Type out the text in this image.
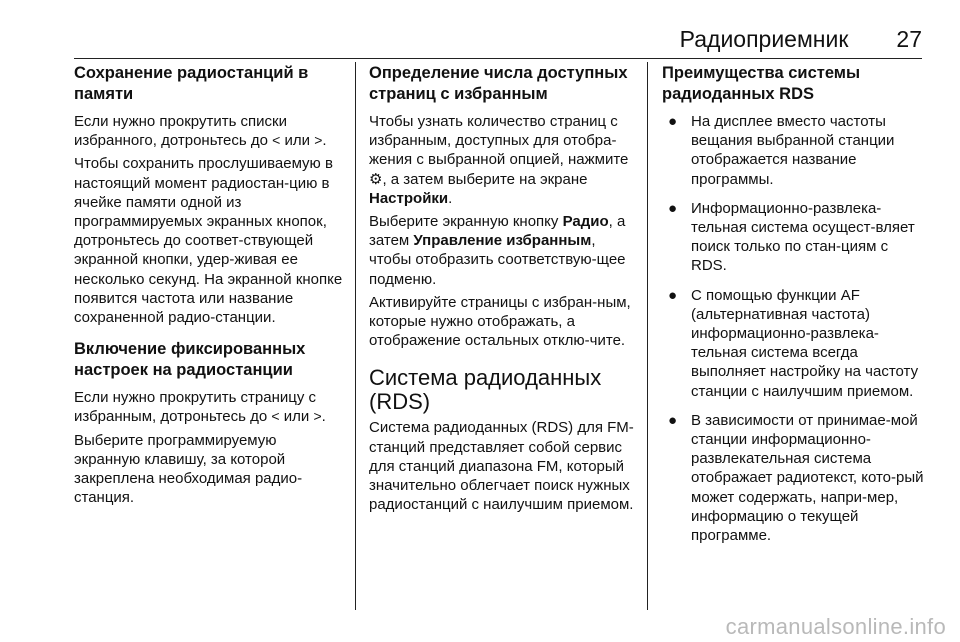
Радиоприемник 27
Сохранение радиостанций в памяти

Если нужно прокрутить списки избранного, дотроньтесь до < или >.

Чтобы сохранить прослушиваемую в настоящий момент радиостан-цию в ячейке памяти одной из программируемых экранных кнопок, дотроньтесь до соответ-ствующей экранной кнопки, удер-живая ее несколько секунд. На экранной кнопке появится частота или название сохраненной радио-станции.

Включение фиксированных настроек на радиостанции

Если нужно прокрутить страницу с избранным, дотроньтесь до < или >.

Выберите программируемую экранную клавишу, за которой закреплена необходимая радио-станция.

Определение числа доступных страниц с избранным

Чтобы узнать количество страниц с избранным, доступных для отобра-жения с выбранной опцией, нажмите ⚙, а затем выберите на экране Настройки.

Выберите экранную кнопку Радио, а затем Управление избранным, чтобы отобразить соответствую-щее подменю.

Активируйте страницы с избран-ным, которые нужно отображать, а отображение остальных отклю-чите.

Система радиоданных (RDS)

Система радиоданных (RDS) для FM-станций представляет собой сервис для станций диапазона FM, который значительно облегчает поиск нужных радиостанций с наилучшим приемом.

Преимущества системы радиоданных RDS
● На дисплее вместо частоты вещания выбранной станции отображается название программы.
● Информационно-развлека-тельная система осущест-вляет поиск только по стан-циям с RDS.
● С помощью функции AF (альтернативная частота) информационно-развлека-тельная система всегда выполняет настройку на частоту станции с наилучшим приемом.
● В зависимости от принимае-мой станции информационно-развлекательная система отображает радиотекст, кото-рый может содержать, напри-мер, информацию о текущей программе.
carmanualsonline.info
